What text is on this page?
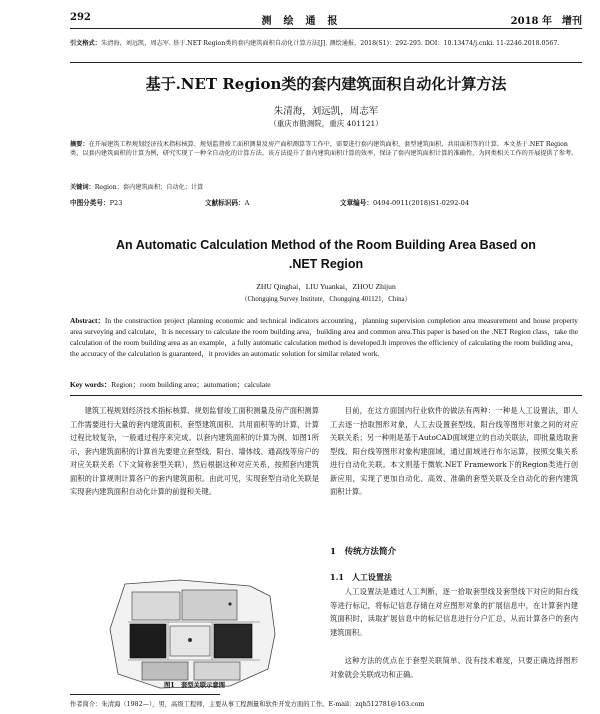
292	测　绘　通　报	2018 年　增刊
引文格式：朱清海，刘远凯，周志军. 基于.NET Region类的套内建筑面积自动化计算方法[J]. 测绘通报，2018(S1)：292-295. DOI：10.13474/j.cnki. 11-2246.2018.0567.
基于.NET Region类的套内建筑面积自动化计算方法
朱清海，刘远凯，周志军
（重庆市勘测院，重庆 401121）
摘要：在开展建筑工程规划经济技术指标核算、规划监督竣工面积测量及房产面积测算等工作中，需要进行套内建筑面积、套型建筑面积、共用面积等的计算。本文基于.NET Region类，以套内建筑面积的计算为例，研究实现了一种全自动化的计算方法。该方法提升了套内建筑面积计算的效率，保证了套内建筑面积计算的准确性，为同类相关工作的开展提供了参考。
关键词：Region；套内建筑面积；自动化；计算
中图分类号：P23	文献标识码：A	文章编号：0494-0911(2018)S1-0292-04
An Automatic Calculation Method of the Room Building Area Based on
.NET Region
ZHU Qinghai，LIU Yuankai，ZHOU Zhijun
（Chongqing Survey Institute，Chongqing 401121，China）
Abstract：In the construction project planning economic and technical indicators accounting，planning supervision completion area measurement and house property area surveying and calculate，It is necessary to calculate the room building area，building area and common area.This paper is based on the .NET Region class，take the calculation of the room building area as an example，a fully automatic calculation method is developed.It improves the efficiency of calculating the room building area，the accuracy of the calculation is guaranteed，it provides an automatic solution for similar related work.
Key words：Region；room building area；automation；calculate
建筑工程规划经济技术指标核算、规划监督竣工面积测量及房产面积测算工作需要进行大量的套内建筑面积、套型建筑面积、共用面积等的计算，计算过程比较复杂，一般通过程序来完成。以套内建筑面积的计算为例，如图1所示，套内建筑面积的计算首先要建立套型线、阳台、墙体线、通高线等房户的对应关联关系（下文简称套型关联），然后根据这种对应关系，按照套内建筑面积的计算规则计算各户的套内建筑面积。由此可见，实现套型自动化关联是实现套内建筑面积自动化计算的前提和关键。
图1　套型关联示意图
目前，在这方面国内行业软件的做法有两种：一种是人工设置法，即人工去逐一拾取图形对象，人工去设置套型线、阳台线等图形对象之间的对应关联关系；另一种则是基于AutoCAD面域建立的自动关联法，即批量选取套型线、阳台线等图形对象构建面域，通过面域进行布尔运算，按照交集关系进行自动化关联。本文则基于微软.NET Framework下的Region类进行创新应用，实现了更加自动化、高效、准确的套型关联及全自动化的套内建筑面积计算。
1　传统方法简介
1.1　人工设置法
人工设置法是通过人工判断，逐一拾取套型线及套型线下对应的阳台线等进行标记，将标记信息存储在对应图形对象的扩展信息中，在计算套内建筑面积时，读取扩展信息中的标记信息进行分户汇总，从而计算各户的套内建筑面积。
这种方法的优点在于套型关联简单、没有技术难度，只要正确选择图形对象就会关联成功和正确。
作者简介：朱清海（1982—），男，高级工程师，主要从事工程测量和软件开发方面的工作。E-mail：zqh512781@163.com
